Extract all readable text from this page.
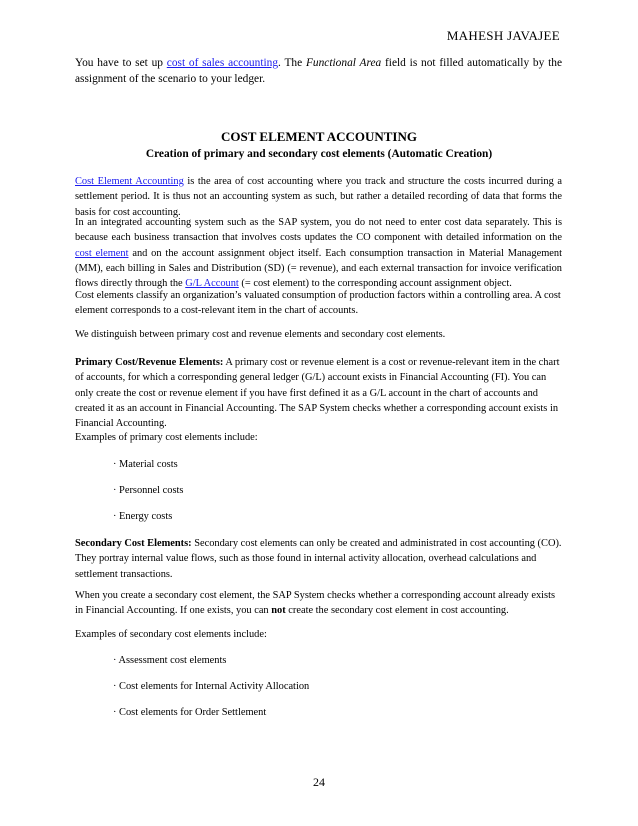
MAHESH JAVAJEE

You have to set up cost of sales accounting. The Functional Area field is not filled automatically by the assignment of the scenario to your ledger.

COST ELEMENT ACCOUNTING
Creation of primary and secondary cost elements (Automatic Creation)

Cost Element Accounting is the area of cost accounting where you track and structure the costs incurred during a settlement period. It is thus not an accounting system as such, but rather a detailed recording of data that forms the basis for cost accounting.

In an integrated accounting system such as the SAP system, you do not need to enter cost data separately. This is because each business transaction that involves costs updates the CO component with detailed information on the cost element and on the account assignment object itself. Each consumption transaction in Material Management (MM), each billing in Sales and Distribution (SD) (= revenue), and each external transaction for invoice verification flows directly through the G/L Account (= cost element) to the corresponding account assignment object.

Cost elements classify an organization’s valuated consumption of production factors within a controlling area. A cost element corresponds to a cost-relevant item in the chart of accounts.

We distinguish between primary cost and revenue elements and secondary cost elements.

Primary Cost/Revenue Elements: A primary cost or revenue element is a cost or revenue-relevant item in the chart of accounts, for which a corresponding general ledger (G/L) account exists in Financial Accounting (FI). You can only create the cost or revenue element if you have first defined it as a G/L account in the chart of accounts and created it as an account in Financial Accounting. The SAP System checks whether a corresponding account exists in Financial Accounting.

Examples of primary cost elements include:

· Material costs
· Personnel costs
· Energy costs

Secondary Cost Elements: Secondary cost elements can only be created and administrated in cost accounting (CO). They portray internal value flows, such as those found in internal activity allocation, overhead calculations and settlement transactions.

When you create a secondary cost element, the SAP System checks whether a corresponding account already exists in Financial Accounting. If one exists, you can not create the secondary cost element in cost accounting.

Examples of secondary cost elements include:

· Assessment cost elements
· Cost elements for Internal Activity Allocation
· Cost elements for Order Settlement
24
